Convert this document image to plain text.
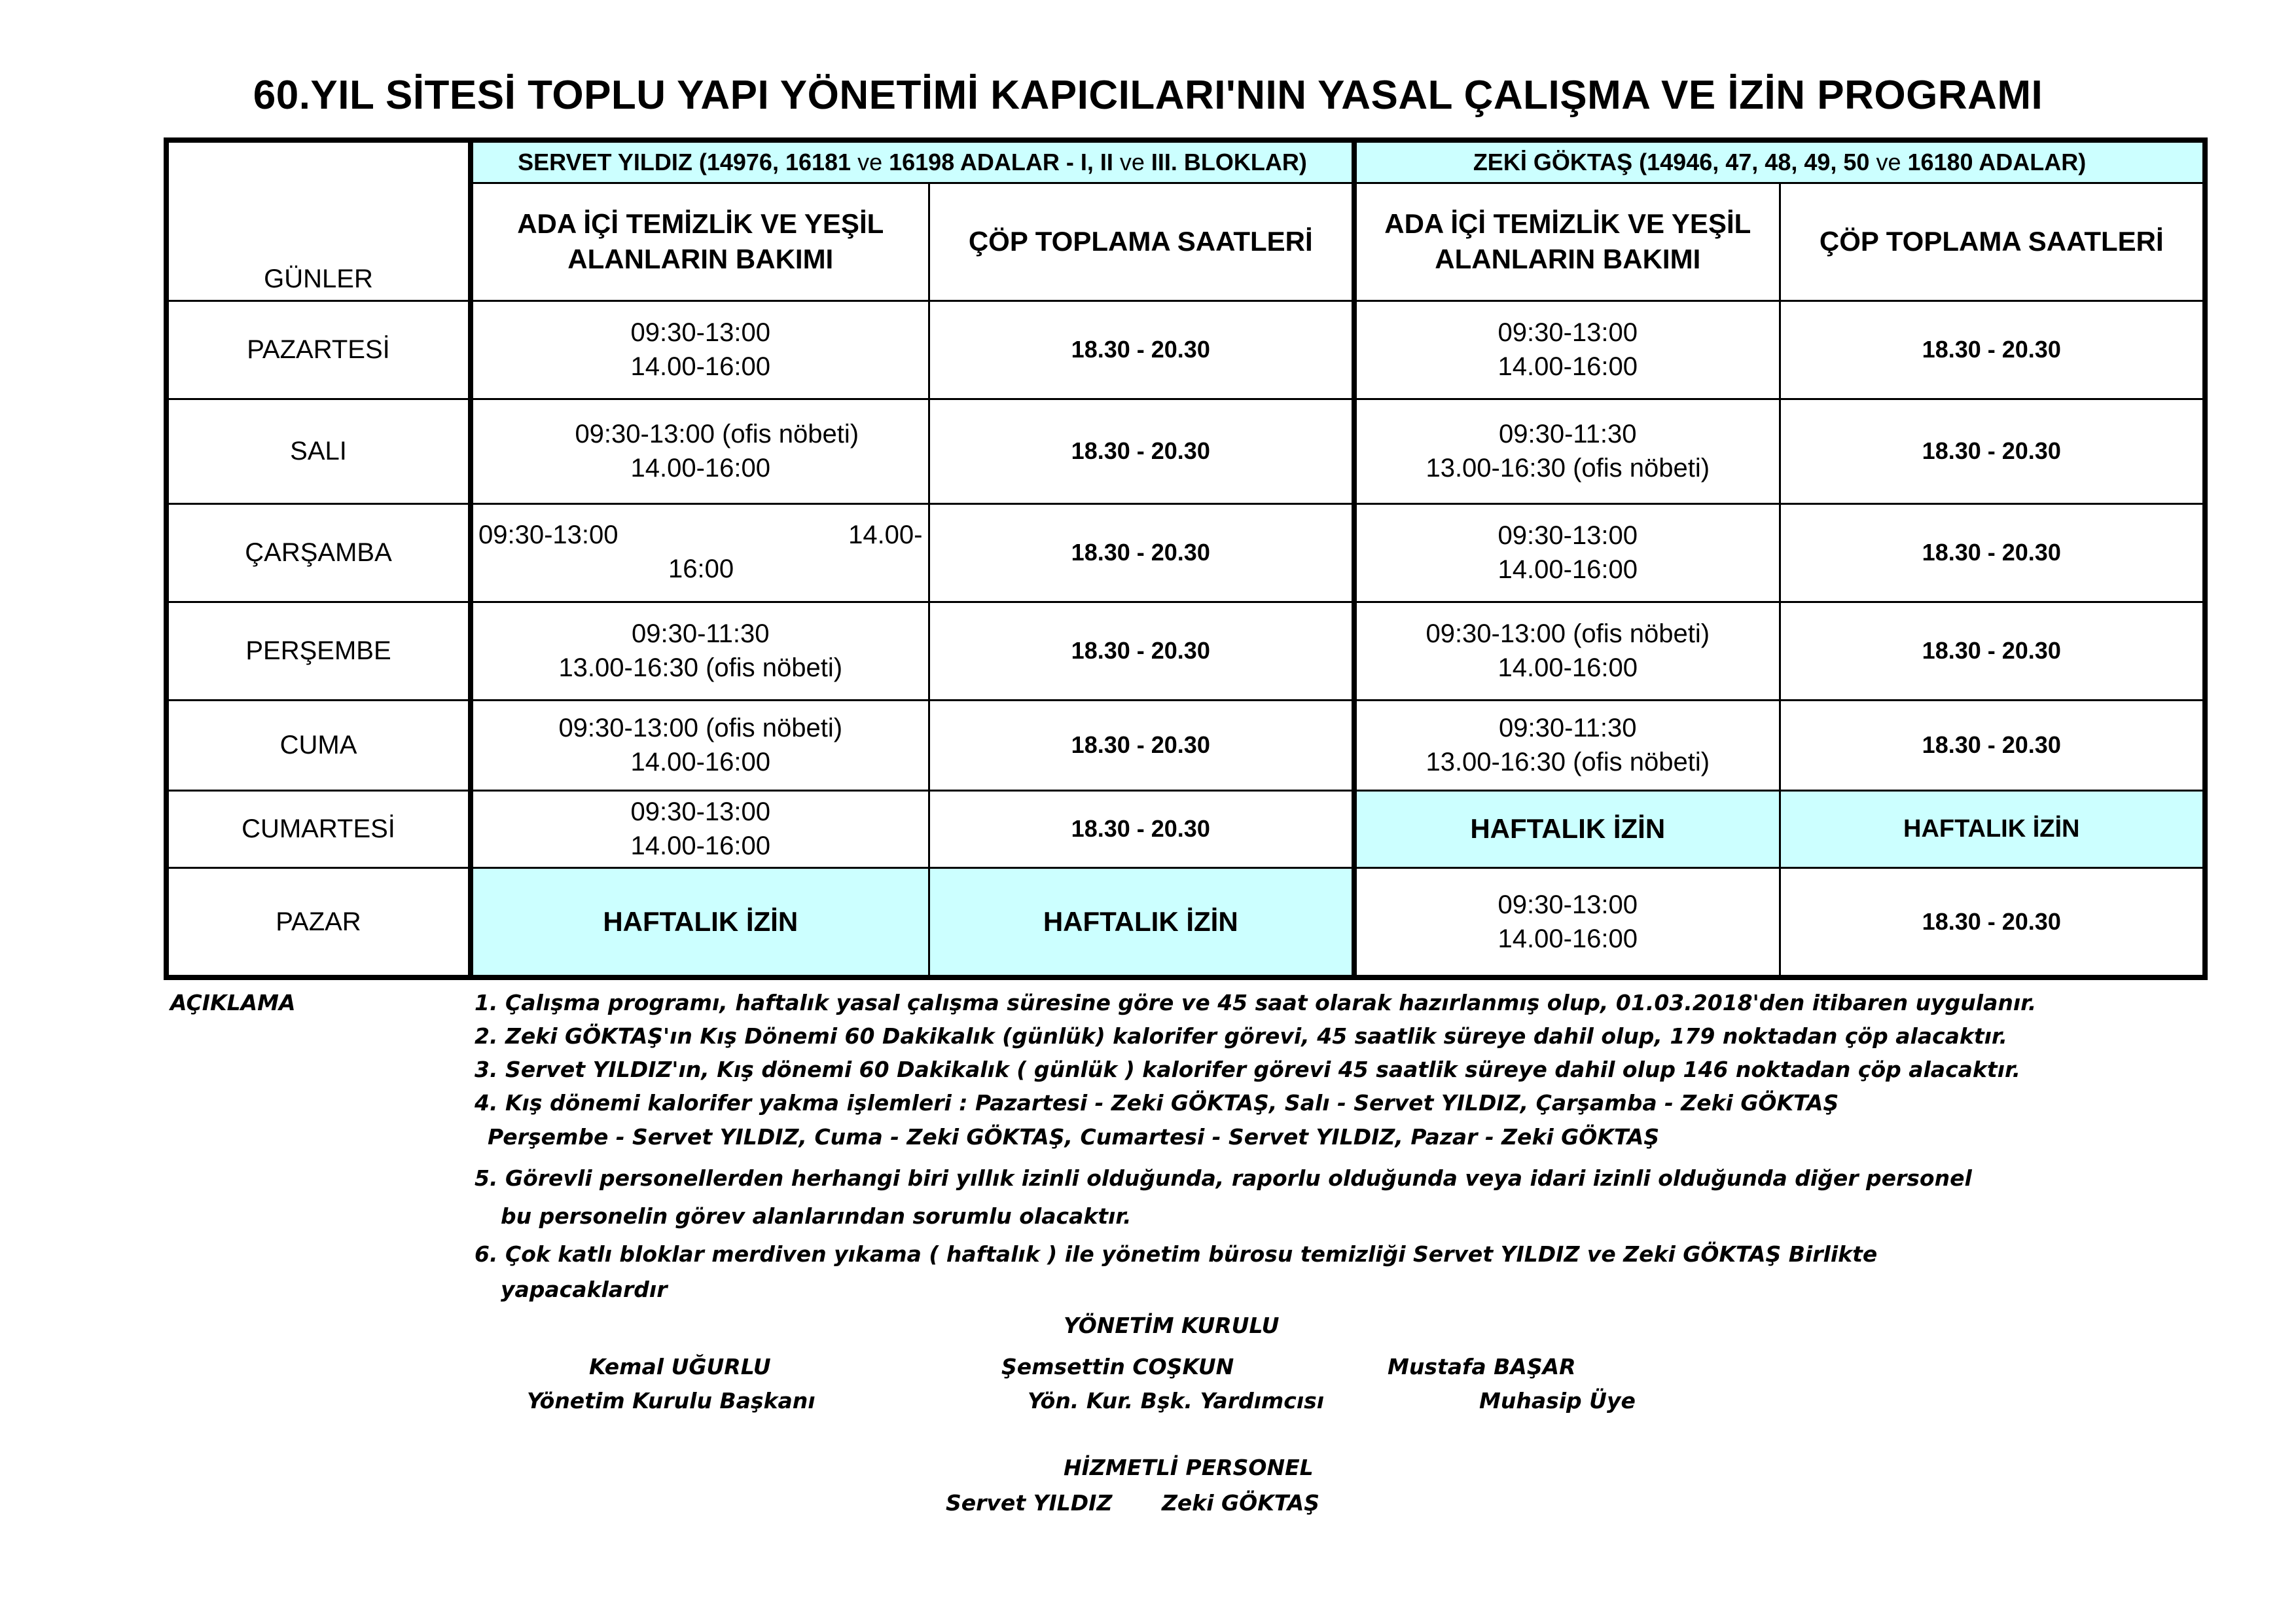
60.YIL SİTESİ TOPLU YAPI YÖNETİMİ KAPICILARI'NIN YASAL ÇALIŞMA VE İZİN PROGRAMI
GÜNLER	SERVET YILDIZ (14976, 16181 ve 16198 ADALAR - I, II ve III. BLOKLAR)		ZEKİ GÖKTAŞ (14946, 47, 48, 49, 50 ve 16180 ADALAR)	
	ADA İÇİ TEMİZLİK VE YEŞİL
ALANLARIN BAKIMI	ÇÖP TOPLAMA SAATLERİ	ADA İÇİ TEMİZLİK VE YEŞİL
ALANLARIN BAKIMI	ÇÖP TOPLAMA SAATLERİ
PAZARTESİ	09:30-13:00
14.00-16:00	18.30 - 20.30	09:30-13:00
14.00-16:00	18.30 - 20.30
SALI	09:30-13:00 (ofis nöbeti)
14.00-16:00	18.30 - 20.30	09:30-11:30
13.00-16:30 (ofis nöbeti)	18.30 - 20.30
ÇARŞAMBA	09:30-13:00 14.00-
16:00	18.30 - 20.30	09:30-13:00
14.00-16:00	18.30 - 20.30
PERŞEMBE	09:30-11:30
13.00-16:30 (ofis nöbeti)	18.30 - 20.30	09:30-13:00 (ofis nöbeti)
14.00-16:00	18.30 - 20.30
CUMA	09:30-13:00 (ofis nöbeti)
14.00-16:00	18.30 - 20.30	09:30-11:30
13.00-16:30 (ofis nöbeti)	18.30 - 20.30
CUMARTESİ	09:30-13:00
14.00-16:00	18.30 - 20.30	HAFTALIK İZİN	HAFTALIK İZİN
PAZAR	HAFTALIK İZİN	HAFTALIK İZİN	09:30-13:00
14.00-16:00	18.30 - 20.30
AÇIKLAMA	1. Çalışma programı, haftalık yasal çalışma süresine göre ve 45 saat olarak hazırlanmış olup, 01.03.2018'den itibaren uygulanır.
2. Zeki GÖKTAŞ'ın Kış Dönemi 60 Dakikalık (günlük) kalorifer görevi, 45 saatlik süreye dahil olup, 179 noktadan çöp alacaktır.
3. Servet YILDIZ'ın, Kış dönemi 60 Dakikalık ( günlük ) kalorifer görevi 45 saatlik süreye dahil olup 146 noktadan çöp alacaktır.
4. Kış dönemi kalorifer yakma işlemleri : Pazartesi - Zeki GÖKTAŞ, Salı - Servet YILDIZ, Çarşamba - Zeki GÖKTAŞ
Perşembe - Servet YILDIZ, Cuma - Zeki GÖKTAŞ, Cumartesi - Servet YILDIZ, Pazar - Zeki GÖKTAŞ
5. Görevli personellerden herhangi biri yıllık izinli olduğunda, raporlu olduğunda veya idari izinli olduğunda diğer personel
bu personelin görev alanlarından sorumlu olacaktır.
6. Çok katlı bloklar merdiven yıkama ( haftalık ) ile yönetim bürosu temizliği Servet YILDIZ ve Zeki GÖKTAŞ Birlikte
yapacaklardır
YÖNETİM KURULU
Kemal UĞURLU
Yönetim Kurulu Başkanı
Şemsettin COŞKUN
Yön. Kur. Bşk. Yardımcısı
Mustafa BAŞAR
Muhasip Üye
HİZMETLİ PERSONEL
Servet YILDIZ Zeki GÖKTAŞ
